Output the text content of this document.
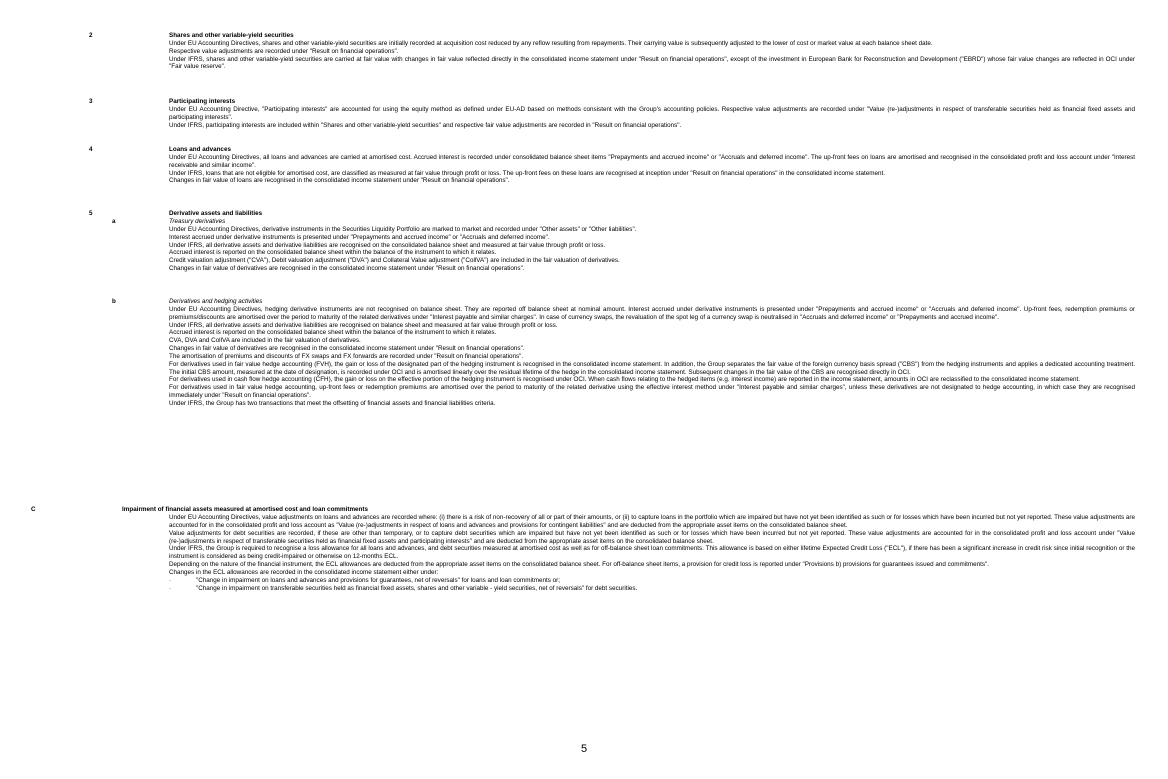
2	Shares and other variable-yield securities
Under EU Accounting Directives, shares and other variable-yield securities are initially recorded at acquisition cost reduced by any reflow resulting from repayments. Their carrying value is subsequently adjusted to the lower of cost or market value at each balance sheet date.
Respective value adjustments are recorded under "Result on financial operations".
Under IFRS, shares and other variable-yield securities are carried at fair value with changes in fair value reflected directly in the consolidated income statement under "Result on financial operations", except of the investment in European Bank for Reconstruction and Development ("EBRD") whose fair value changes are reflected in OCI under "Fair value reserve".
3	Participating interests
Under EU Accounting Directive, "Participating interests" are accounted for using the equity method as defined under EU-AD based on methods consistent with the Group's accounting policies. Respective value adjustments are recorded under "Value (re-)adjustments in respect of transferable securities held as financial fixed assets and participating interests".
Under IFRS, participating interests are included within "Shares and other variable-yield securities" and respective fair value adjustments are recorded in "Result on financial operations".
4	Loans and advances
Under EU Accounting Directives, all loans and advances are carried at amortised cost. Accrued interest is recorded under consolidated balance sheet items "Prepayments and accrued income" or "Accruals and deferred income". The up-front fees on loans are amortised and recognised in the consolidated profit and loss account under "Interest receivable and similar income".
Under IFRS, loans that are not eligible for amortised cost, are classified as measured at fair value through profit or loss. The up-front fees on these loans are recognised at inception under "Result on financial operations" in the consolidated income statement.
Changes in fair value of loans are recognised in the consolidated income statement under "Result on financial operations".
5	Derivative assets and liabilities
a	Treasury derivatives
Under EU Accounting Directives, derivative instruments in the Securities Liquidity Portfolio are marked to market and recorded under "Other assets" or "Other liabilities".
Interest accrued under derivative instruments is presented under "Prepayments and accrued income" or "Accruals and deferred income".
Under IFRS, all derivative assets and derivative liabilities are recognised on the consolidated balance sheet and measured at fair value through profit or loss.
Accrued interest is reported on the consolidated balance sheet within the balance of the instrument to which it relates.
Credit valuation adjustment ("CVA"), Debit valuation adjustment ("DVA") and Collateral Value adjustment ("CollVA") are included in the fair valuation of derivatives.
Changes in fair value of derivatives are recognised in the consolidated income statement under "Result on financial operations".
b	Derivatives and hedging activities
Under EU Accounting Directives, hedging derivative instruments are not recognised on balance sheet. They are reported off balance sheet at nominal amount. Interest accrued under derivative instruments is presented under "Prepayments and accrued income" or "Accruals and deferred income". Up-front fees, redemption premiums or premiums/discounts are amortised over the period to maturity of the related derivatives under "Interest payable and similar charges". In case of currency swaps, the revaluation of the spot leg of a currency swap is neutralised in "Accruals and deferred income" or "Prepayments and accrued income".
Under IFRS, all derivative assets and derivative liabilities are recognised on balance sheet and measured at fair value through profit or loss.
Accrued interest is reported on the consolidated balance sheet within the balance of the instrument to which it relates.
CVA, DVA and CollVA are included in the fair valuation of derivatives.
Changes in fair value of derivatives are recognised in the consolidated income statement under "Result on financial operations".
The amortisation of premiums and discounts of FX swaps and FX forwards are recorded under "Result on financial operations".
For derivatives used in fair value hedge accounting (FVH), the gain or loss of the designated part of the hedging instrument is recognised in the consolidated income statement. In addition, the Group separates the fair value of the foreign currency basis spread ("CBS") from the hedging instruments and applies a dedicated accounting treatment. The initial CBS amount, measured at the date of designation, is recorded under OCI and is amortised linearly over the residual lifetime of the hedge in the consolidated income statement. Subsequent changes in the fair value of the CBS are recognised directly in OCI.
For derivatives used in cash flow hedge accounting (CFH), the gain or loss on the effective portion of the hedging instrument is recognised under OCI. When cash flows relating to the hedged items (e.g. interest income) are reported in the income statement, amounts in OCI are reclassified to the consolidated income statement.
For derivatives used in fair value hedge accounting, up-front fees or redemption premiums are amortised over the period to maturity of the related derivative using the effective interest method under "Interest payable and similar charges", unless these derivatives are not designated to hedge accounting, in which case they are recognised immediately under "Result on financial operations".
Under IFRS, the Group has two transactions that meet the offsetting of financial assets and financial liabilities criteria.
C	Impairment of financial assets measured at amortised cost and loan commitments
Under EU Accounting Directives, value adjustments on loans and advances are recorded where: (i) there is a risk of non-recovery of all or part of their amounts, or (ii) to capture loans in the portfolio which are impaired but have not yet been identified as such or for losses which have been incurred but not yet reported. These value adjustments are accounted for in the consolidated profit and loss account as "Value (re-)adjustments in respect of loans and advances and provisions for contingent liabilities" and are deducted from the appropriate asset items on the consolidated balance sheet.
Value adjustments for debt securities are recorded, if these are other than temporary, or to capture debt securities which are impaired but have not yet been identified as such or for losses which have been incurred but not yet reported. These value adjustments are accounted for in the consolidated profit and loss account under "Value (re-)adjustments in respect of transferable securities held as financial fixed assets and participating interests" and are deducted from the appropriate asset items on the consolidated balance sheet.
Under IFRS, the Group is required to recognise a loss allowance for all loans and advances, and debt securities measured at amortised cost as well as for off-balance sheet loan commitments. This allowance is based on either lifetime Expected Credit Loss ("ECL"), if there has been a significant increase in credit risk since initial recognition or the instrument is considered as being credit-impaired or otherwise on 12-months ECL.
Depending on the nature of the financial instrument, the ECL allowances are deducted from the appropriate asset items on the consolidated balance sheet. For off-balance sheet items, a provision for credit loss is reported under "Provisions b) provisions for guarantees issued and commitments".
Changes in the ECL allowances are recorded in the consolidated income statement either under:
·	"Change in impairment on loans and advances and provisions for guarantees, net of reversals" for loans and loan commitments or;
·	"Change in impairment on transferable securities held as financial fixed assets, shares and other variable - yield securities, net of reversals" for debt securities.
5
